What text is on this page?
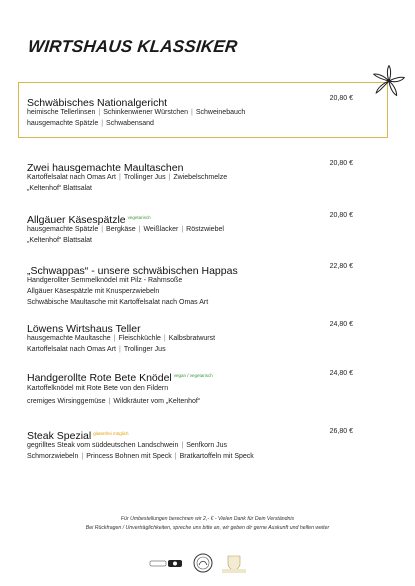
WIRTSHAUS KLASSIKER
Schwäbisches Nationalgericht	20,80 €
heimische Tellerlinsen | Schinkenwiener Würstchen | Schweinebauch
hausgemachte Spätzle | Schwabensand
Zwei hausgemachte Maultaschen	20,80 €
Kartoffelsalat nach Omas Art | Trollinger Jus | Zwiebelschmelze
„Keltenhof“ Blattsalat
Allgäuer Käsespätzle $^{vegetarisch}$	20,80 €
hausgemachte Spätzle | Bergkäse | Weißlacker | Röstzwiebel
„Keltenhof“ Blattsalat
„Schwappas“ - unsere schwäbischen Happas	22,80 €
Handgerollter Semmelknödel mit Pilz - Rahmsoße
Allgäuer Käsespätzle mit Knusperzwiebeln
Schwäbische Maultasche mit Kartoffelsalat nach Omas Art
Löwens Wirtshaus Teller	24,80 €
hausgemachte Maultasche | Fleischküchle | Kalbsbratwurst
Kartoffelsalat nach Omas Art | Trollinger Jus
Handgerollte Rote Bete Knödel $^{vegan / vegetarisch}$	24,80 €
Kartoffelknödel mit Rote Bete von den Fildern
cremiges Wirsinggemüse | Wildkräuter vom „Keltenhof“
Steak Spezial $^{glutenfrei möglich}$	26,80 €
gegrilltes Steak vom süddeutschen Landschwein | Senfkorn Jus
Schmorzwiebeln | Princess Bohnen mit Speck | Bratkartoffeln mit Speck
Für Umbestellungen berechnen wir 2,- € - Vielen Dank für Dein Verständnis
Bei Rückfragen / Unverträglichkeiten, spreche uns bitte an, wir geben dir gerne Auskunft und helfen weiter
